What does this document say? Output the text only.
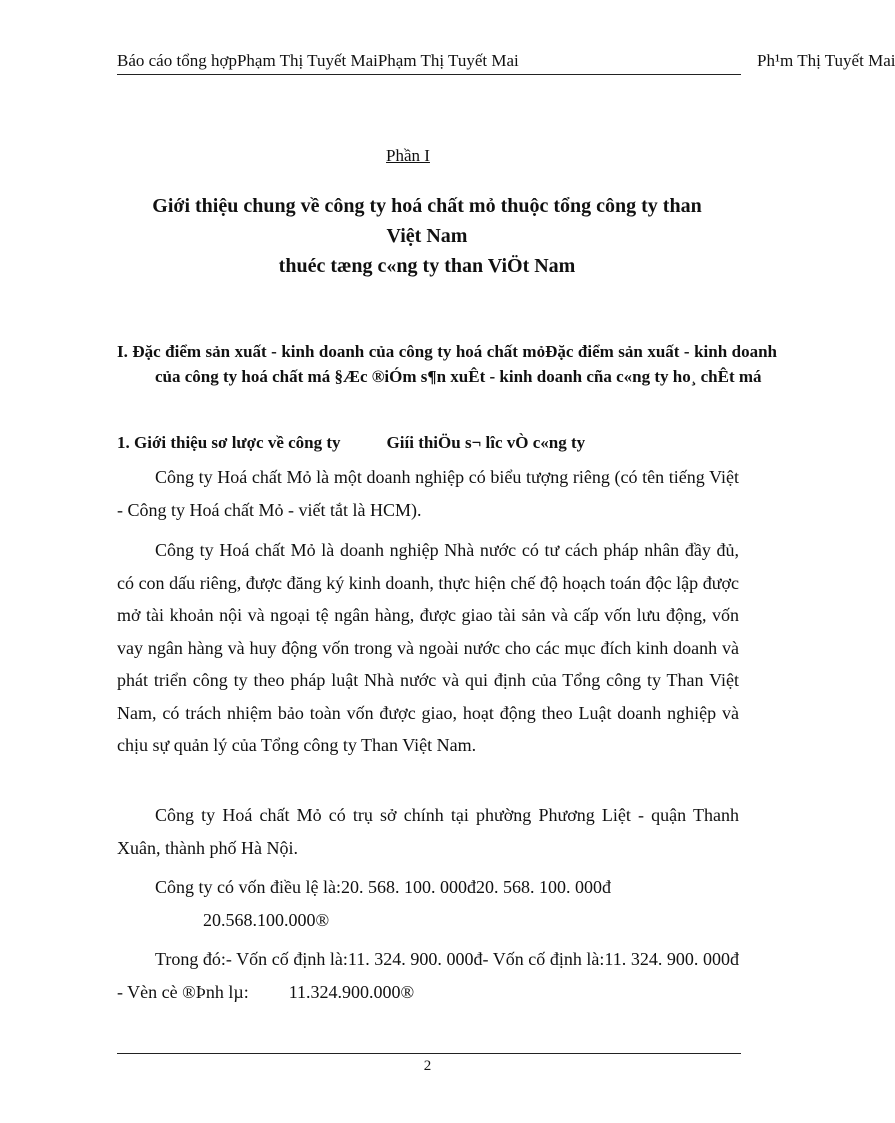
Báo cáo tổng hợpPhạm Thị Tuyết MaiPhạm Thị Tuyết Mai	Ph¹m Thị Tuyết Mai
Phần I
Giới thiệu chung về công ty hoá chất mỏ thuộc tổng công ty than
Việt Nam
thuéc tæng c«ng ty than ViÖt Nam
I. Đặc điểm sản xuất - kinh doanh của công ty hoá chất mỏĐặc điểm sản xuất - kinh doanh của công ty hoá chất má §Æc ®iÓm s¶n xuÊt - kinh doanh cña c«ng ty ho¸ chÊt má
1. Giới thiệu sơ lược về công ty	Giíi thiÖu s¬ lîc vÒ c«ng ty

Công ty Hoá chất Mỏ là một doanh nghiệp có biểu tượng riêng (có tên tiếng Việt - Công ty Hoá chất Mỏ - viết tắt là HCM).

Công ty Hoá chất Mỏ là doanh nghiệp Nhà nước có tư cách pháp nhân đầy đủ, có con dấu riêng, được đăng ký kinh doanh, thực hiện chế độ hoạch toán độc lập được mở tài khoản nội và ngoại tệ ngân hàng, được giao tài sản và cấp vốn lưu động, vốn vay ngân hàng và huy động vốn trong và ngoài nước cho các mục đích kinh doanh và phát triển công ty theo pháp luật Nhà nước và qui định của Tổng công ty Than Việt Nam, có trách nhiệm bảo toàn vốn được giao, hoạt động theo Luật doanh nghiệp và chịu sự quản lý của Tổng công ty Than Việt Nam.

Công ty Hoá chất Mỏ có trụ sở chính tại phường Phương Liệt - quận Thanh Xuân, thành phố Hà Nội.

Công ty có vốn điều lệ là:20. 568. 100. 000đ20. 568. 100. 000đ
20.568.100.000®

Trong đó:- Vốn cố định là:11. 324. 900. 000đ- Vốn cố định là:11. 324. 900. 000đ - Vèn cè ®Þnh lµ: 11.324.900.000®

2
